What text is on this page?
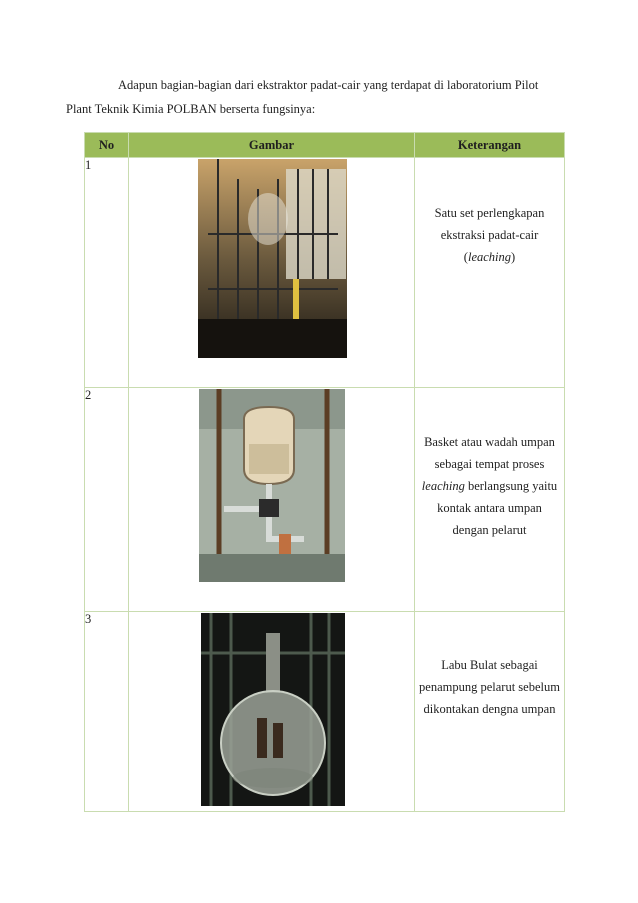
Adapun bagian-bagian dari ekstraktor padat-cair yang terdapat di laboratorium Pilot
Plant Teknik Kimia POLBAN berserta fungsinya:
No	Gambar	Keterangan
1		Satu set perlengkapan ekstraksi padat-cair (leaching)

2		Basket atau wadah umpan sebagai tempat proses leaching berlangsung yaitu kontak antara umpan dengan pelarut

3		Labu Bulat sebagai penampung pelarut sebelum dikontakan dengna umpan
